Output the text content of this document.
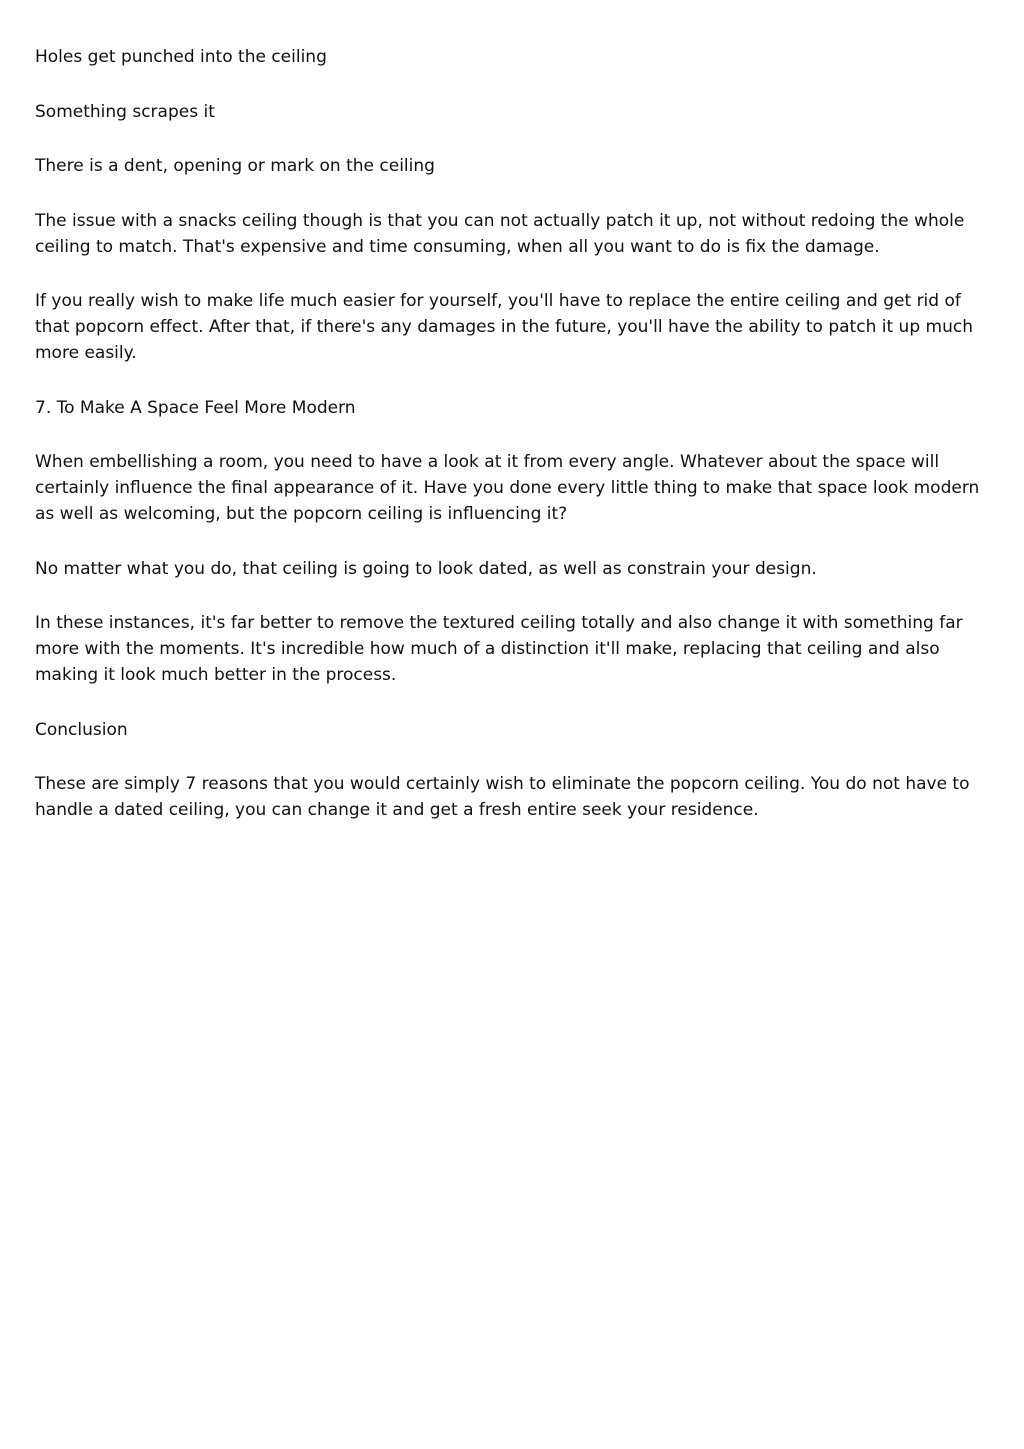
Holes get punched into the ceiling

Something scrapes it

There is a dent, opening or mark on the ceiling

The issue with a snacks ceiling though is that you can not actually patch it up, not without redoing the whole ceiling to match. That's expensive and time consuming, when all you want to do is fix the damage.

If you really wish to make life much easier for yourself, you'll have to replace the entire ceiling and get rid of that popcorn effect. After that, if there's any damages in the future, you'll have the ability to patch it up much more easily.

7. To Make A Space Feel More Modern

When embellishing a room, you need to have a look at it from every angle. Whatever about the space will certainly influence the final appearance of it. Have you done every little thing to make that space look modern as well as welcoming, but the popcorn ceiling is influencing it?

No matter what you do, that ceiling is going to look dated, as well as constrain your design.

In these instances, it's far better to remove the textured ceiling totally and also change it with something far more with the moments. It's incredible how much of a distinction it'll make, replacing that ceiling and also making it look much better in the process.

Conclusion

These are simply 7 reasons that you would certainly wish to eliminate the popcorn ceiling. You do not have to handle a dated ceiling, you can change it and get a fresh entire seek your residence.
